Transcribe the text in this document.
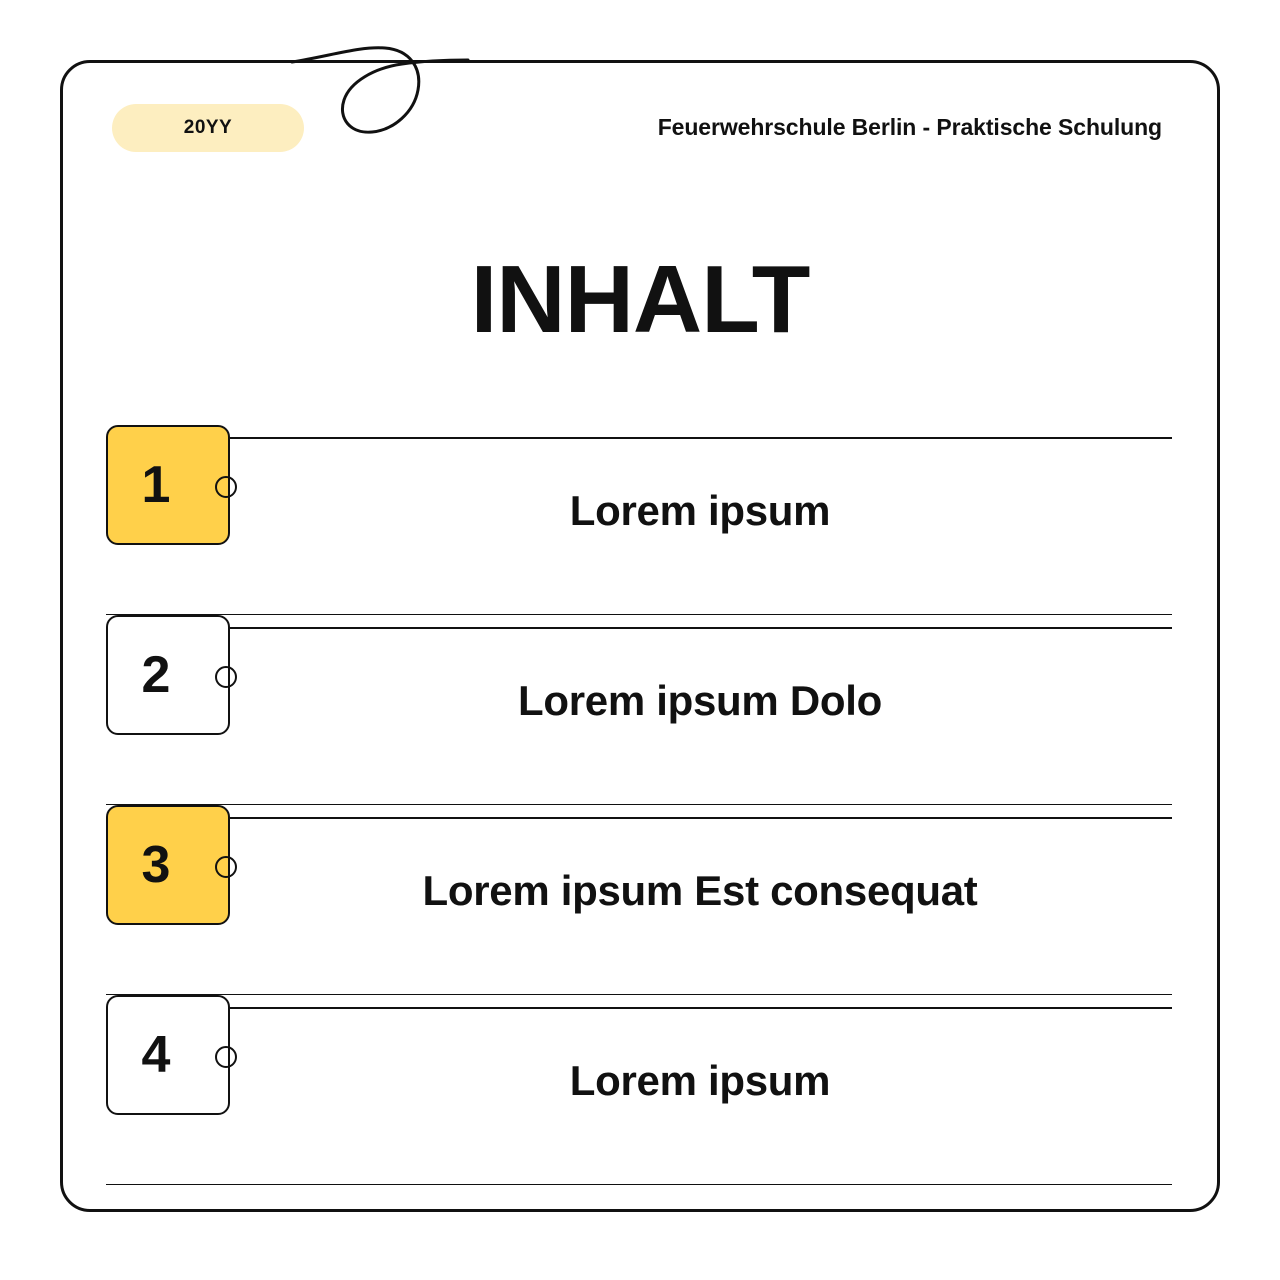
20YY	Feuerwehrschule Berlin - Praktische Schulung
INHALT
1	Lorem ipsum
2	Lorem ipsum Dolo
3	Lorem ipsum Est consequat
4	Lorem ipsum
